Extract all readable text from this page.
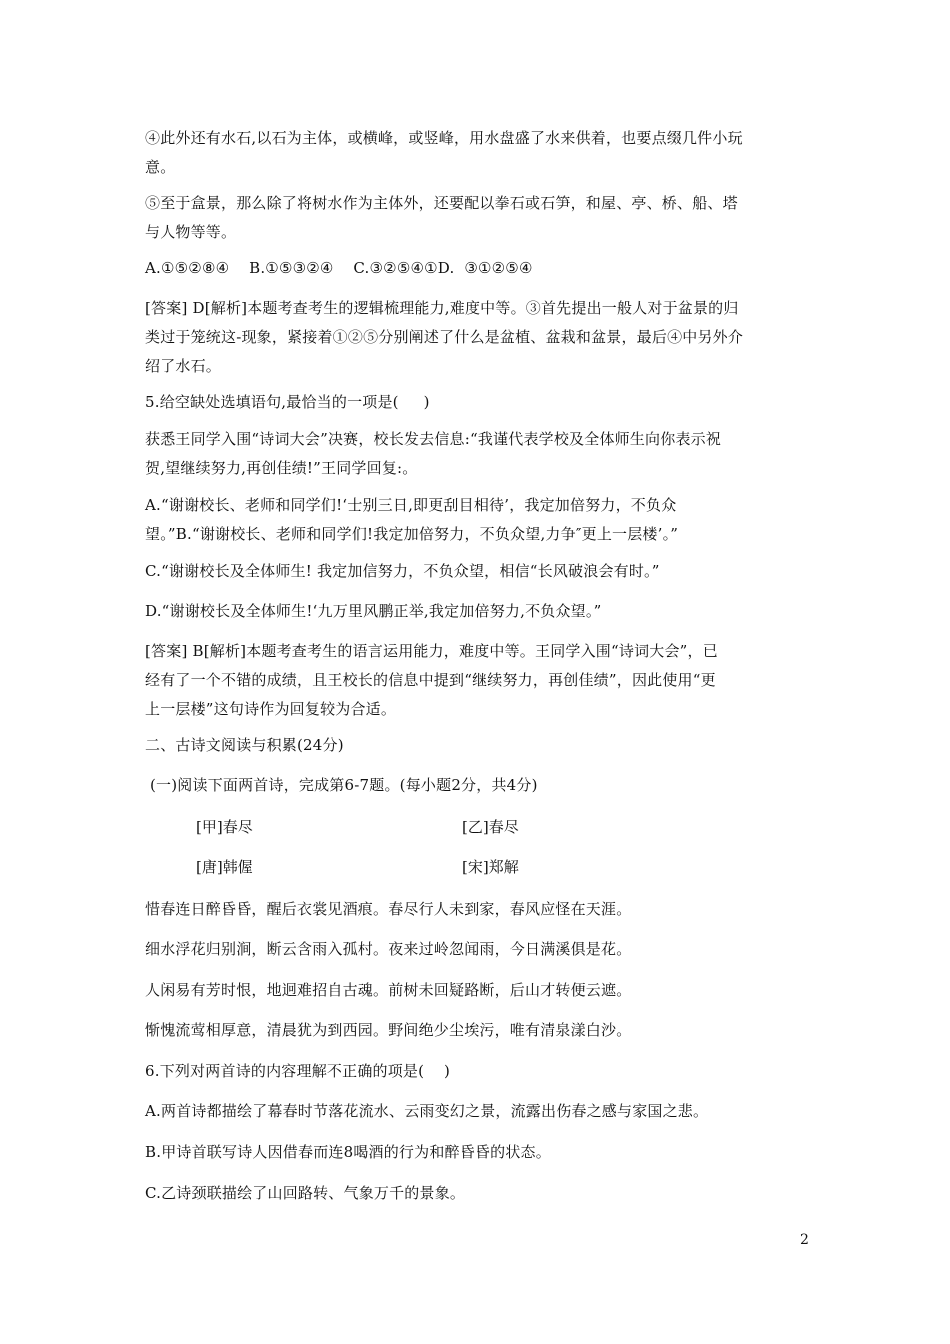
④此外还有水石,以石为主体，或横峰，或竖峰，用水盘盛了水来供着，也要点缀几件小玩
意。

⑤至于盒景，那么除了将树水作为主体外，还要配以拳石或石笋，和屋、亭、桥、船、塔
与人物等等。

A.①⑤②⑧④    B.①⑤③②④    C.③②⑤④①D.  ③①②⑤④

[答案] D[解析]本题考查考生的逻辑梳理能力,难度中等。③首先提出一般人对于盆景的归
类过于笼统这-现象，紧接着①②⑤分别阐述了什么是盆植、盆栽和盆景，最后④中另外介
绍了水石。

5.给空缺处选填语句,最恰当的一项是(     )

获悉王同学入围“诗词大会”决赛，校长发去信息:“我谨代表学校及全体师生向你表示祝
贺,望继续努力,再创佳绩!”王同学回复:。

A.“谢谢校长、老师和同学们!‘士别三日,即更刮目相待’，我定加倍努力，不负众
望。”B.“谢谢校长、老师和同学们!我定加倍努力，不负众望,力争″更上一层楼’。”

C.“谢谢校长及全体师生! 我定加信努力，不负众望，相信“长风破浪会有时。”

D.“谢谢校长及全体师生!‘九万里风鹏正举,我定加倍努力,不负众望。”

[答案] B[解析]本题考查考生的语言运用能力，难度中等。王同学入围“诗词大会”，已
经有了一个不错的成绩，且王校长的信息中提到“继续努力，再创佳绩”，因此使用“更
上一层楼”这句诗作为回复较为合适。

二、古诗文阅读与积累(24分)

(一)阅读下面两首诗，完成第6-7题。(每小题2分，共4分)

[甲]春尽	[乙]春尽
[唐]韩偓	[宋]郑解

惜春连日醉昏昏，醒后衣裳见酒痕。春尽行人未到家，春风应怪在天涯。

细水浮花归别涧，断云含雨入孤村。夜来过岭忽闻雨，今日满溪俱是花。

人闲易有芳时恨，地迥难招自古魂。前树未回疑路断，后山才转便云遮。

惭愧流莺相厚意，清晨犹为到西园。野间绝少尘埃污，唯有清泉漾白沙。

6.下列对两首诗的内容理解不正确的项是(    )

A.两首诗都描绘了幕春时节落花流水、云雨变幻之景，流露出伤春之感与家国之悲。

B.甲诗首联写诗人因借春而连8喝酒的行为和醉昏昏的状态。

C.乙诗颈联描绘了山回路转、气象万千的景象。

2
